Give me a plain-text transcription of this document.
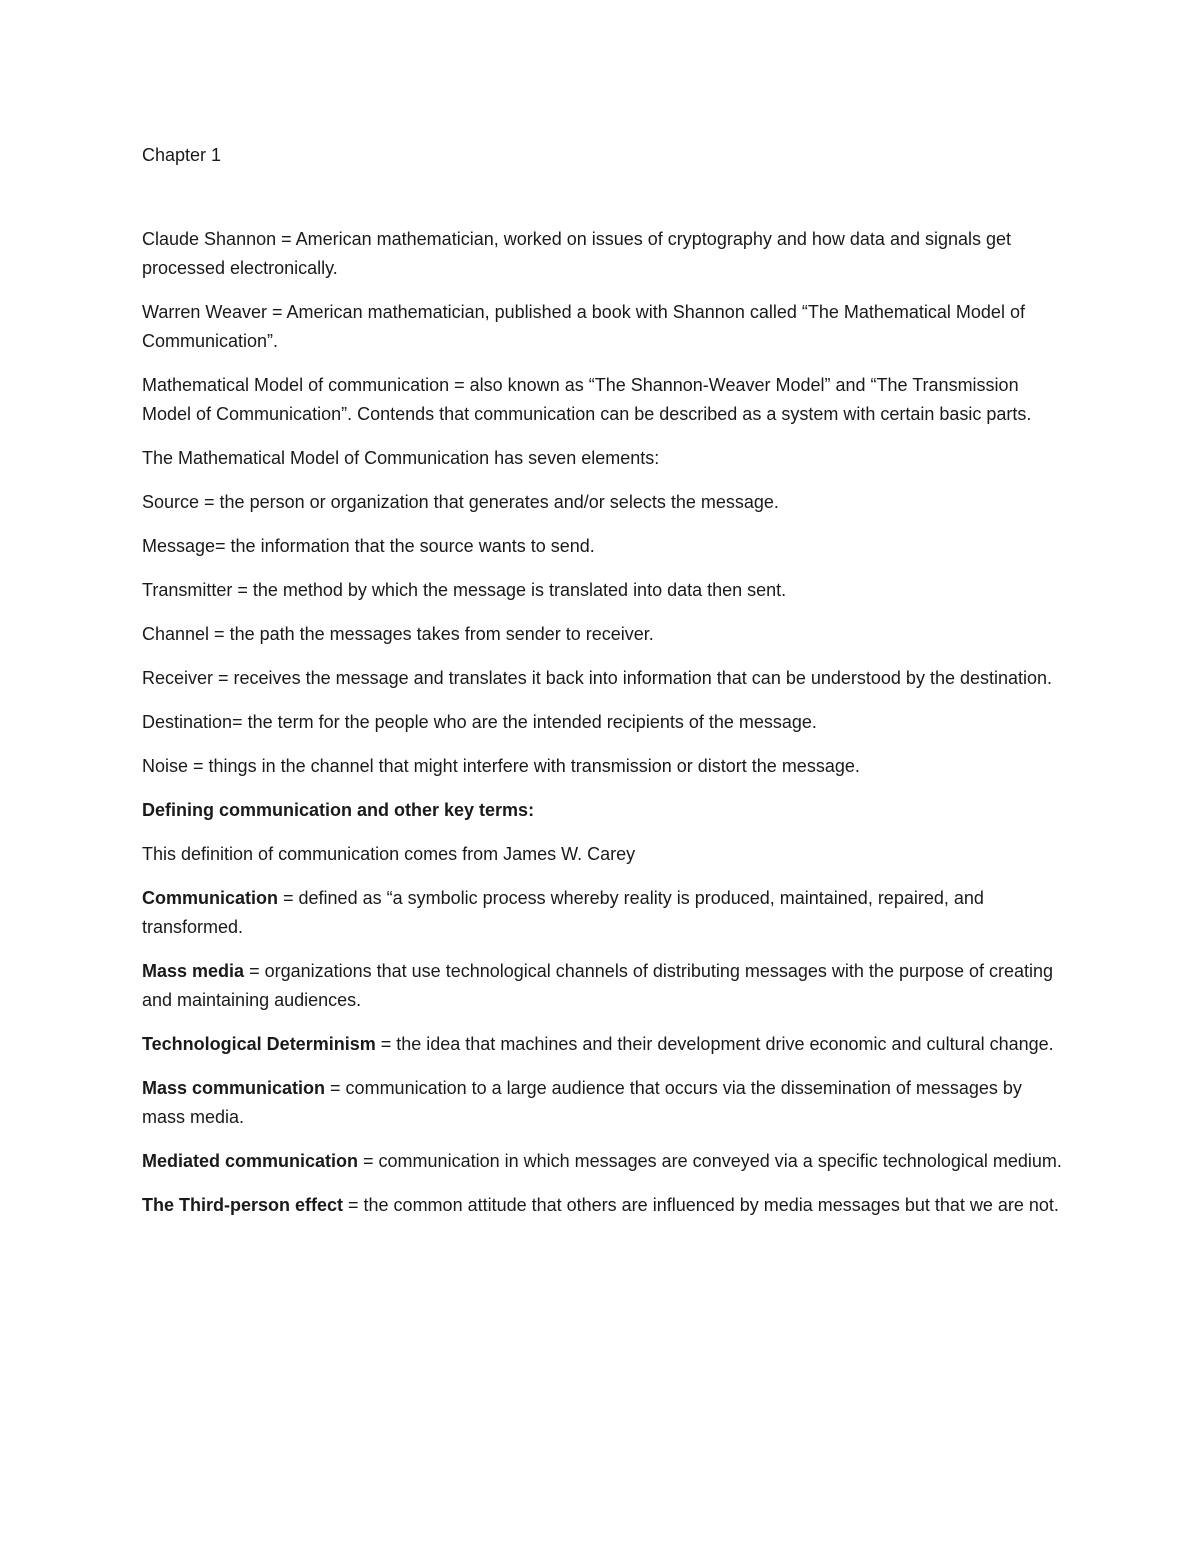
Chapter 1

Claude Shannon = American mathematician, worked on issues of cryptography and how data and signals get processed electronically.

Warren Weaver = American mathematician, published a book with Shannon called “The Mathematical Model of Communication”.

Mathematical Model of communication = also known as “The Shannon-Weaver Model” and “The Transmission Model of Communication”. Contends that communication can be described as a system with certain basic parts.

The Mathematical Model of Communication has seven elements:

Source = the person or organization that generates and/or selects the message.

Message= the information that the source wants to send.

Transmitter = the method by which the message is translated into data then sent.

Channel = the path the messages takes from sender to receiver.

Receiver = receives the message and translates it back into information that can be understood by the destination.

Destination= the term for the people who are the intended recipients of the message.

Noise = things in the channel that might interfere with transmission or distort the message.

Defining communication and other key terms:

This definition of communication comes from James W. Carey

Communication = defined as “a symbolic process whereby reality is produced, maintained, repaired, and transformed.

Mass media = organizations that use technological channels of distributing messages with the purpose of creating and maintaining audiences.

Technological Determinism = the idea that machines and their development drive economic and cultural change.

Mass communication = communication to a large audience that occurs via the dissemination of messages by mass media.

Mediated communication = communication in which messages are conveyed via a specific technological medium.

The Third-person effect = the common attitude that others are influenced by media messages but that we are not.
